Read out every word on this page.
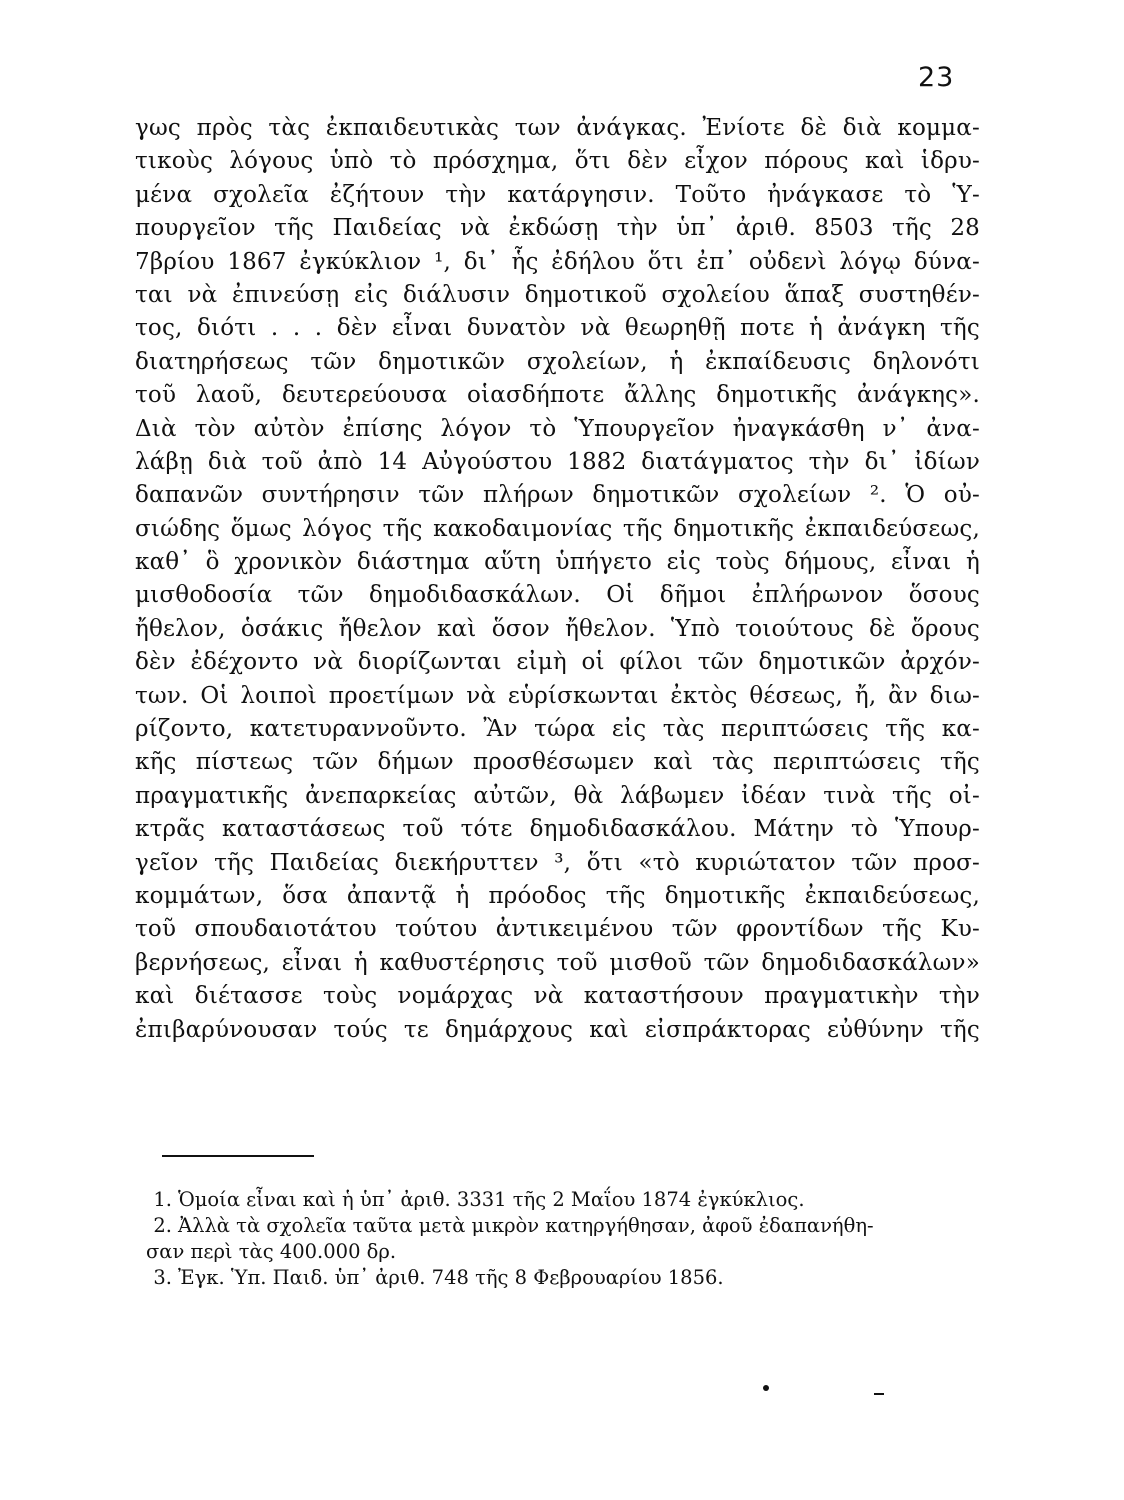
23
γως πρὸς τὰς ἐκπαιδευτικὰς των ἀνάγκας. Ἐνίοτε δὲ διὰ κομμα-
τικοὺς λόγους ὑπὸ τὸ πρόσχημα, ὅτι δὲν εἶχον πόρους καὶ ἱδρυ-
μένα σχολεῖα ἐζήτουν τὴν κατάργησιν. Τοῦτο ἠνάγκασε τὸ Ὑ-
πουργεῖον τῆς Παιδείας νὰ ἐκδώσῃ τὴν ὑπ᾽ ἀριθ. 8503 τῆς 28
7βρίου 1867 ἐγκύκλιον ¹, δι᾽ ἧς ἐδήλου ὅτι ἐπ᾽ οὐδενὶ λόγῳ δύνα-
ται νὰ ἐπινεύσῃ εἰς διάλυσιν δημοτικοῦ σχολείου ἅπαξ συστηθέν-
τος, διότι . . . δὲν εἶναι δυνατὸν νὰ θεωρηθῇ ποτε ἡ ἀνάγκη τῆς
διατηρήσεως τῶν δημοτικῶν σχολείων, ἡ ἐκπαίδευσις δηλονότι
τοῦ λαοῦ, δευτερεύουσα οἱασδήποτε ἄλλης δημοτικῆς ἀνάγκης».
Διὰ τὸν αὐτὸν ἐπίσης λόγον τὸ Ὑπουργεῖον ἠναγκάσθη ν᾽ ἀνα-
λάβῃ διὰ τοῦ ἀπὸ 14 Αὐγούστου 1882 διατάγματος τὴν δι᾽ ἰδίων
δαπανῶν συντήρησιν τῶν πλήρων δημοτικῶν σχολείων ². Ὁ οὐ-
σιώδης ὅμως λόγος τῆς κακοδαιμονίας τῆς δημοτικῆς ἐκπαιδεύσεως,
καθ᾽ ὃ χρονικὸν διάστημα αὕτη ὑπήγετο εἰς τοὺς δήμους, εἶναι ἡ
μισθοδοσία τῶν δημοδιδασκάλων. Οἱ δῆμοι ἐπλήρωνον ὅσους
ἤθελον, ὁσάκις ἤθελον καὶ ὅσον ἤθελον. Ὑπὸ τοιούτους δὲ ὅρους
δὲν ἐδέχοντο νὰ διορίζωνται εἰμὴ οἱ φίλοι τῶν δημοτικῶν ἀρχόν-
των. Οἱ λοιποὶ προετίμων νὰ εὑρίσκωνται ἐκτὸς θέσεως, ἤ, ἂν διω-
ρίζοντο, κατετυραννοῦντο. Ἂν τώρα εἰς τὰς περιπτώσεις τῆς κα-
κῆς πίστεως τῶν δήμων προσθέσωμεν καὶ τὰς περιπτώσεις τῆς
πραγματικῆς ἀνεπαρκείας αὐτῶν, θὰ λάβωμεν ἰδέαν τινὰ τῆς οἰ-
κτρᾶς καταστάσεως τοῦ τότε δημοδιδασκάλου. Μάτην τὸ Ὑπουρ-
γεῖον τῆς Παιδείας διεκήρυττεν ³, ὅτι «τὸ κυριώτατον τῶν προσ-
κομμάτων, ὅσα ἀπαντᾷ ἡ πρόοδος τῆς δημοτικῆς ἐκπαιδεύσεως,
τοῦ σπουδαιοτάτου τούτου ἀντικειμένου τῶν φροντίδων τῆς Κυ-
βερνήσεως, εἶναι ἡ καθυστέρησις τοῦ μισθοῦ τῶν δημοδιδασκάλων»
καὶ διέτασσε τοὺς νομάρχας νὰ καταστήσουν πραγματικὴν τὴν
ἐπιβαρύνουσαν τούς τε δημάρχους καὶ εἰσπράκτορας εὐθύνην τῆς
1. Ὁμοία εἶναι καὶ ἡ ὑπ᾽ ἀριθ. 3331 τῆς 2 Μαΐου 1874 ἐγκύκλιος.
2. Ἀλλὰ τὰ σχολεῖα ταῦτα μετὰ μικρὸν κατηργήθησαν, ἀφοῦ ἐδαπανήθη-
σαν περὶ τὰς 400.000 δρ.
3. Ἐγκ. Ὑπ. Παιδ. ὑπ᾽ ἀριθ. 748 τῆς 8 Φεβρουαρίου 1856.
